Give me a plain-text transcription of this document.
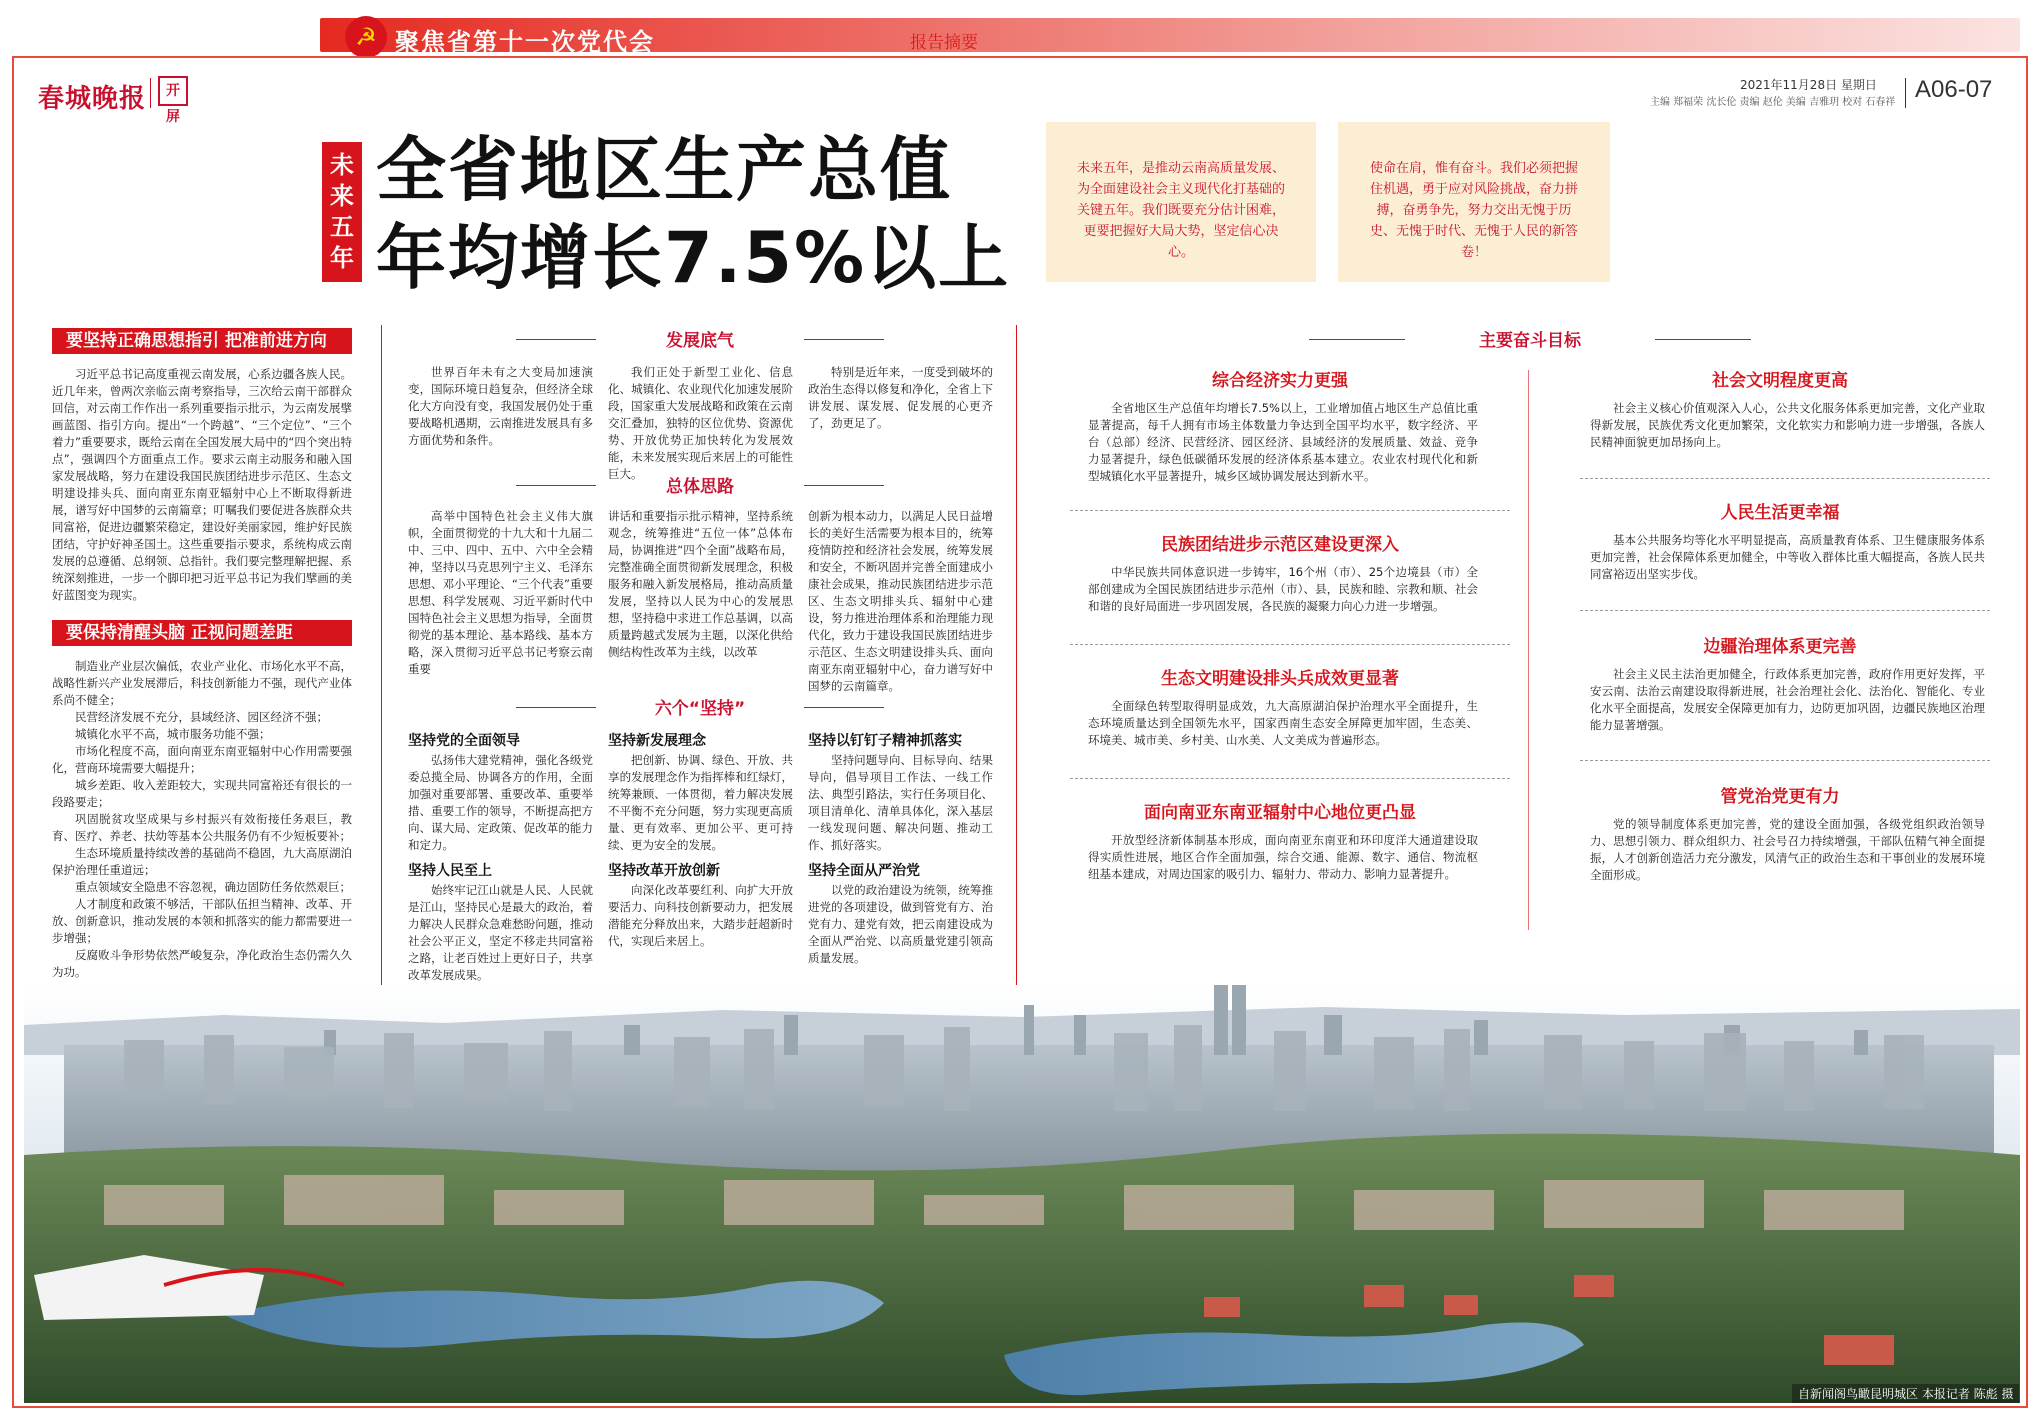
☭ 聚焦省第十一次党代会	报告摘要
春城晚报	开屏
2021年11月28日 星期日
主编 郑福荣 沈长伦 责编 赵伦 美编 吉雅玥 校对 石春祥 A06-07
未来五年
全省地区生产总值
年均增长7.5%以上
未来五年，是推动云南高质量发展、为全面建设社会主义现代化打基础的关键五年。我们既要充分估计困难，更要把握好大局大势，坚定信心决心。
使命在肩，惟有奋斗。我们必须把握住机遇，勇于应对风险挑战，奋力拼搏，奋勇争先，努力交出无愧于历史、无愧于时代、无愧于人民的新答卷！
要坚持正确思想指引 把准前进方向

习近平总书记高度重视云南发展，心系边疆各族人民。近几年来，曾两次亲临云南考察指导，三次给云南干部群众回信，对云南工作作出一系列重要指示批示，为云南发展擘画蓝图、指引方向。提出“一个跨越”、“三个定位”、“三个着力”重要要求，既给云南在全国发展大局中的“四个突出特点”，强调四个方面重点工作。要求云南主动服务和融入国家发展战略，努力在建设我国民族团结进步示范区、生态文明建设排头兵、面向南亚东南亚辐射中心上不断取得新进展，谱写好中国梦的云南篇章；叮嘱我们要促进各族群众共同富裕，促进边疆繁荣稳定，建设好美丽家园，维护好民族团结，守护好神圣国土。这些重要指示要求，系统构成云南发展的总遵循、总纲领、总指针。我们要完整理解把握、系统深刻推进，一步一个脚印把习近平总书记为我们擘画的美好蓝图变为现实。

要保持清醒头脑 正视问题差距

制造业产业层次偏低，农业产业化、市场化水平不高，战略性新兴产业发展滞后，科技创新能力不强，现代产业体系尚不健全；

民营经济发展不充分，县域经济、园区经济不强；

城镇化水平不高，城市服务功能不强；

市场化程度不高，面向南亚东南亚辐射中心作用需要强化，营商环境需要大幅提升；

城乡差距、收入差距较大，实现共同富裕还有很长的一段路要走；

巩固脱贫攻坚成果与乡村振兴有效衔接任务艰巨，教育、医疗、养老、扶幼等基本公共服务仍有不少短板要补；

生态环境质量持续改善的基础尚不稳固，九大高原湖泊保护治理任重道远；

重点领域安全隐患不容忽视，确边固防任务依然艰巨；

人才制度和政策不够活，干部队伍担当精神、改革、开放、创新意识，推动发展的本领和抓落实的能力都需要进一步增强；

反腐败斗争形势依然严峻复杂，净化政治生态仍需久久为功。

发展底气
世界百年未有之大变局加速演变，国际环境日趋复杂，但经济全球化大方向没有变，我国发展仍处于重要战略机遇期，云南推进发展具有多方面优势和条件。
我们正处于新型工业化、信息化、城镇化、农业现代化加速发展阶段，国家重大发展战略和政策在云南交汇叠加，独特的区位优势、资源优势、开放优势正加快转化为发展效能，未来发展实现后来居上的可能性巨大。
特别是近年来，一度受到破坏的政治生态得以修复和净化，全省上下讲发展、谋发展、促发展的心更齐了，劲更足了。
总体思路
高举中国特色社会主义伟大旗帜，全面贯彻党的十九大和十九届二中、三中、四中、五中、六中全会精神，坚持以马克思列宁主义、毛泽东思想、邓小平理论、“三个代表”重要思想、科学发展观、习近平新时代中国特色社会主义思想为指导，全面贯彻党的基本理论、基本路线、基本方略，深入贯彻习近平总书记考察云南重要
讲话和重要指示批示精神，坚持系统观念，统筹推进“五位一体”总体布局，协调推进“四个全面”战略布局，完整准确全面贯彻新发展理念，积极服务和融入新发展格局，推动高质量发展，坚持以人民为中心的发展思想，坚持稳中求进工作总基调，以高质量跨越式发展为主题，以深化供给侧结构性改革为主线，以改革
创新为根本动力，以满足人民日益增长的美好生活需要为根本目的，统筹疫情防控和经济社会发展，统筹发展和安全，不断巩固并完善全面建成小康社会成果，推动民族团结进步示范区、生态文明排头兵、辐射中心建设，努力推进治理体系和治理能力现代化，致力于建设我国民族团结进步示范区、生态文明建设排头兵、面向南亚东南亚辐射中心，奋力谱写好中国梦的云南篇章。
六个“坚持”
坚持党的全面领导
弘扬伟大建党精神，强化各级党委总揽全局、协调各方的作用，全面加强对重要部署、重要改革、重要举措、重要工作的领导，不断提高把方向、谋大局、定政策、促改革的能力和定力。
坚持新发展理念
把创新、协调、绿色、开放、共享的发展理念作为指挥棒和红绿灯，统筹兼顾、一体贯彻，着力解决发展不平衡不充分问题，努力实现更高质量、更有效率、更加公平、更可持续、更为安全的发展。
坚持以钉钉子精神抓落实
坚持问题导向、目标导向、结果导向，倡导项目工作法、一线工作法、典型引路法，实行任务项目化、项目清单化、清单具体化，深入基层一线发现问题、解决问题、推动工作、抓好落实。
坚持人民至上
始终牢记江山就是人民、人民就是江山，坚持民心是最大的政治，着力解决人民群众急难愁盼问题，推动社会公平正义，坚定不移走共同富裕之路，让老百姓过上更好日子，共享改革发展成果。
坚持改革开放创新
向深化改革要红利、向扩大开放要活力、向科技创新要动力，把发展潜能充分释放出来，大踏步赶超新时代，实现后来居上。
坚持全面从严治党
以党的政治建设为统领，统筹推进党的各项建设，做到管党有方、治党有力、建党有效，把云南建设成为全面从严治党、以高质量党建引领高质量发展。
主要奋斗目标
综合经济实力更强
全省地区生产总值年均增长7.5%以上，工业增加值占地区生产总值比重显著提高，每千人拥有市场主体数量力争达到全国平均水平，数字经济、平台（总部）经济、民营经济、园区经济、县域经济的发展质量、效益、竞争力显著提升，绿色低碳循环发展的经济体系基本建立。农业农村现代化和新型城镇化水平显著提升，城乡区域协调发展达到新水平。
民族团结进步示范区建设更深入
中华民族共同体意识进一步铸牢，16个州（市）、25个边境县（市）全部创建成为全国民族团结进步示范州（市）、县，民族和睦、宗教和顺、社会和谐的良好局面进一步巩固发展，各民族的凝聚力向心力进一步增强。
生态文明建设排头兵成效更显著
全面绿色转型取得明显成效，九大高原湖泊保护治理水平全面提升，生态环境质量达到全国领先水平，国家西南生态安全屏障更加牢固，生态美、环境美、城市美、乡村美、山水美、人文美成为普遍形态。
面向南亚东南亚辐射中心地位更凸显
开放型经济新体制基本形成，面向南亚东南亚和环印度洋大通道建设取得实质性进展，地区合作全面加强，综合交通、能源、数字、通信、物流枢纽基本建成，对周边国家的吸引力、辐射力、带动力、影响力显著提升。
社会文明程度更高
社会主义核心价值观深入人心，公共文化服务体系更加完善，文化产业取得新发展，民族优秀文化更加繁荣，文化软实力和影响力进一步增强，各族人民精神面貌更加昂扬向上。
人民生活更幸福
基本公共服务均等化水平明显提高，高质量教育体系、卫生健康服务体系更加完善，社会保障体系更加健全，中等收入群体比重大幅提高，各族人民共同富裕迈出坚实步伐。
边疆治理体系更完善
社会主义民主法治更加健全，行政体系更加完善，政府作用更好发挥，平安云南、法治云南建设取得新进展，社会治理社会化、法治化、智能化、专业化水平全面提高，发展安全保障更加有力，边防更加巩固，边疆民族地区治理能力显著增强。
管党治党更有力
党的领导制度体系更加完善，党的建设全面加强，各级党组织政治领导力、思想引领力、群众组织力、社会号召力持续增强，干部队伍精气神全面提振，人才创新创造活力充分激发，风清气正的政治生态和干事创业的发展环境全面形成。
自新闻阁鸟瞰昆明城区 本报记者 陈彪 摄
